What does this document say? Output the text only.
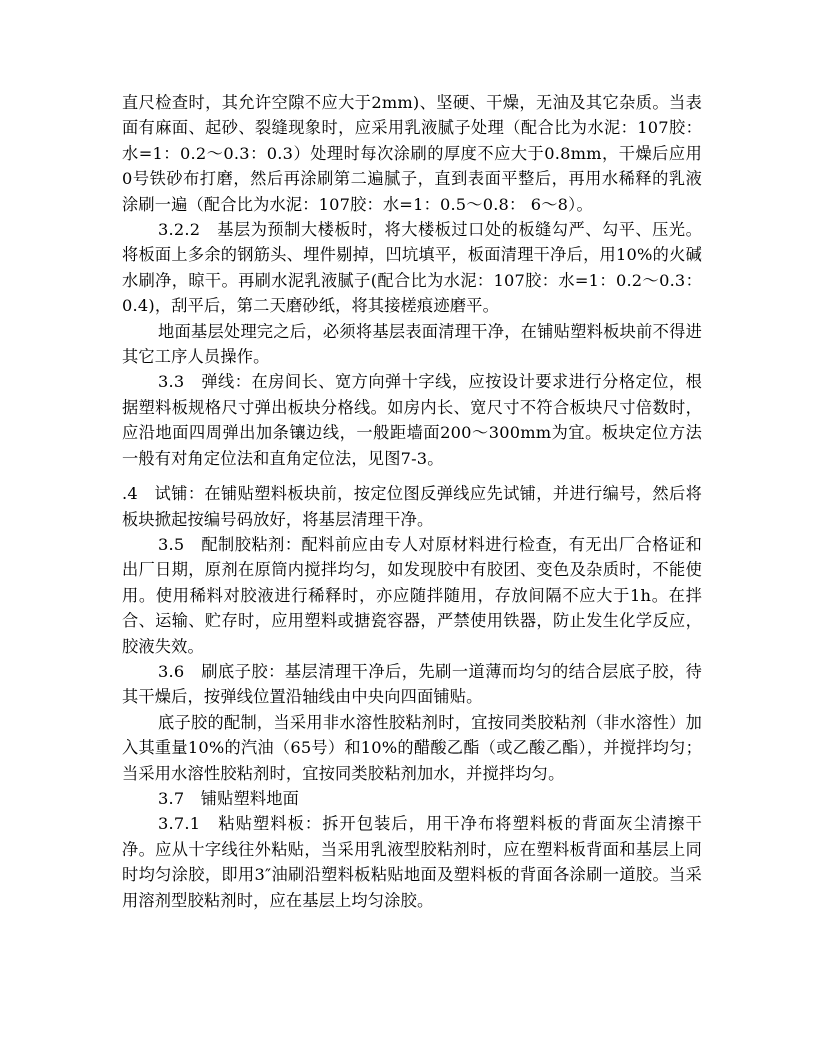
直尺检查时，其允许空隙不应大于2mm)、坚硬、干燥，无油及其它杂质。当表面有麻面、起砂、裂缝现象时，应采用乳液腻子处理（配合比为水泥：107胶：水=1：0.2～0.3：0.3）处理时每次涂刷的厚度不应大于0.8mm，干燥后应用0号铁砂布打磨，然后再涂刷第二遍腻子，直到表面平整后，再用水稀释的乳液涂刷一遍（配合比为水泥：107胶：水=1：0.5～0.8： 6～8）。

3.2.2　基层为预制大楼板时，将大楼板过口处的板缝勾严、勾平、压光。将板面上多余的钢筋头、埋件剔掉，凹坑填平，板面清理干净后，用10%的火碱水刷净，晾干。再刷水泥乳液腻子(配合比为水泥：107胶：水=1：0.2～0.3：0.4)，刮平后，第二天磨砂纸，将其接槎痕迹磨平。

地面基层处理完之后，必须将基层表面清理干净，在铺贴塑料板块前不得进其它工序人员操作。

3.3　弹线：在房间长、宽方向弹十字线，应按设计要求进行分格定位，根据塑料板规格尺寸弹出板块分格线。如房内长、宽尺寸不符合板块尺寸倍数时，应沿地面四周弹出加条镶边线，一般距墙面200～300mm为宜。板块定位方法一般有对角定位法和直角定位法，见图7-3。

.4　试铺：在铺贴塑料板块前，按定位图反弹线应先试铺，并进行编号，然后将板块掀起按编号码放好，将基层清理干净。

3.5　配制胶粘剂：配料前应由专人对原材料进行检查，有无出厂合格证和出厂日期，原剂在原筒内搅拌均匀，如发现胶中有胶团、变色及杂质时，不能使用。使用稀料对胶液进行稀释时，亦应随拌随用，存放间隔不应大于1h。在拌合、运输、贮存时，应用塑料或搪瓷容器，严禁使用铁器，防止发生化学反应，胶液失效。

3.6　刷底子胶：基层清理干净后，先刷一道薄而均匀的结合层底子胶，待其干燥后，按弹线位置沿轴线由中央向四面铺贴。

底子胶的配制，当采用非水溶性胶粘剂时，宜按同类胶粘剂（非水溶性）加入其重量10%的汽油（65号）和10%的醋酸乙酯（或乙酸乙酯），并搅拌均匀；当采用水溶性胶粘剂时，宜按同类胶粘剂加水，并搅拌均匀。

3.7　铺贴塑料地面

3.7.1　粘贴塑料板：拆开包装后，用干净布将塑料板的背面灰尘清擦干净。应从十字线往外粘贴，当采用乳液型胶粘剂时，应在塑料板背面和基层上同时均匀涂胶，即用3″油刷沿塑料板粘贴地面及塑料板的背面各涂刷一道胶。当采用溶剂型胶粘剂时，应在基层上均匀涂胶。
